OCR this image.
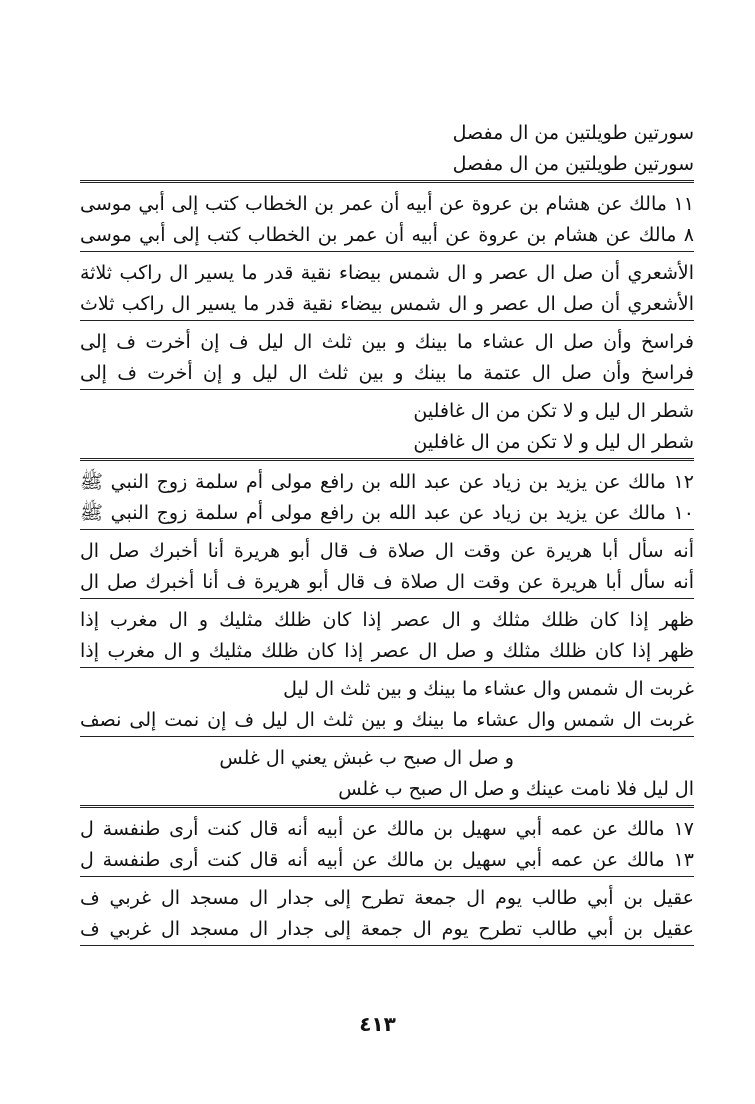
سورتين طويلتين من ال مفصل
سورتين طويلتين من ال مفصل
١١ مالك عن هشام بن عروة عن أبيه أن عمر بن الخطاب كتب إلى أبي موسى
٨ مالك عن هشام بن عروة عن أبيه أن عمر بن الخطاب كتب إلى أبي موسى
الأشعري أن صل ال عصر و ال شمس بيضاء نقية قدر ما يسير ال راكب ثلاثة
الأشعري أن صل ال عصر و ال شمس بيضاء نقية قدر ما يسير ال راكب ثلاث
فراسخ وأن صل ال عشاء ما بينك و بين ثلث ال ليل ف إن أخرت ف إلى
فراسخ وأن صل ال عتمة ما بينك و بين ثلث ال ليل و إن أخرت ف إلى
شطر ال ليل و لا تكن من ال غافلين
شطر ال ليل و لا تكن من ال غافلين
١٢ مالك عن يزيد بن زياد عن عبد الله بن رافع مولى أم سلمة زوج النبي ﷺ
١٠ مالك عن يزيد بن زياد عن عبد الله بن رافع مولى أم سلمة زوج النبي ﷺ
أنه سأل أبا هريرة عن وقت ال صلاة ف قال أبو هريرة أنا أخبرك صل ال
أنه سأل أبا هريرة عن وقت ال صلاة ف قال أبو هريرة ف أنا أخبرك صل ال
ظهر إذا كان ظلك مثلك و ال عصر إذا كان ظلك مثليك و ال مغرب إذا
ظهر إذا كان ظلك مثلك و صل ال عصر إذا كان ظلك مثليك و ال مغرب إذا
غربت ال شمس وال عشاء ما بينك و بين ثلث ال ليل
غربت ال شمس وال عشاء ما بينك و بين ثلث ال ليل ف إن نمت إلى نصف
و صل ال صبح ب غبش يعني ال غلس
ال ليل فلا نامت عينك و صل ال صبح ب غلس
١٧ مالك عن عمه أبي سهيل بن مالك عن أبيه أنه قال كنت أرى طنفسة ل
١٣ مالك عن عمه أبي سهيل بن مالك عن أبيه أنه قال كنت أرى طنفسة ل
عقيل بن أبي طالب يوم ال جمعة تطرح إلى جدار ال مسجد ال غربي ف
عقيل بن أبي طالب تطرح يوم ال جمعة إلى جدار ال مسجد ال غربي ف
٤١٣
